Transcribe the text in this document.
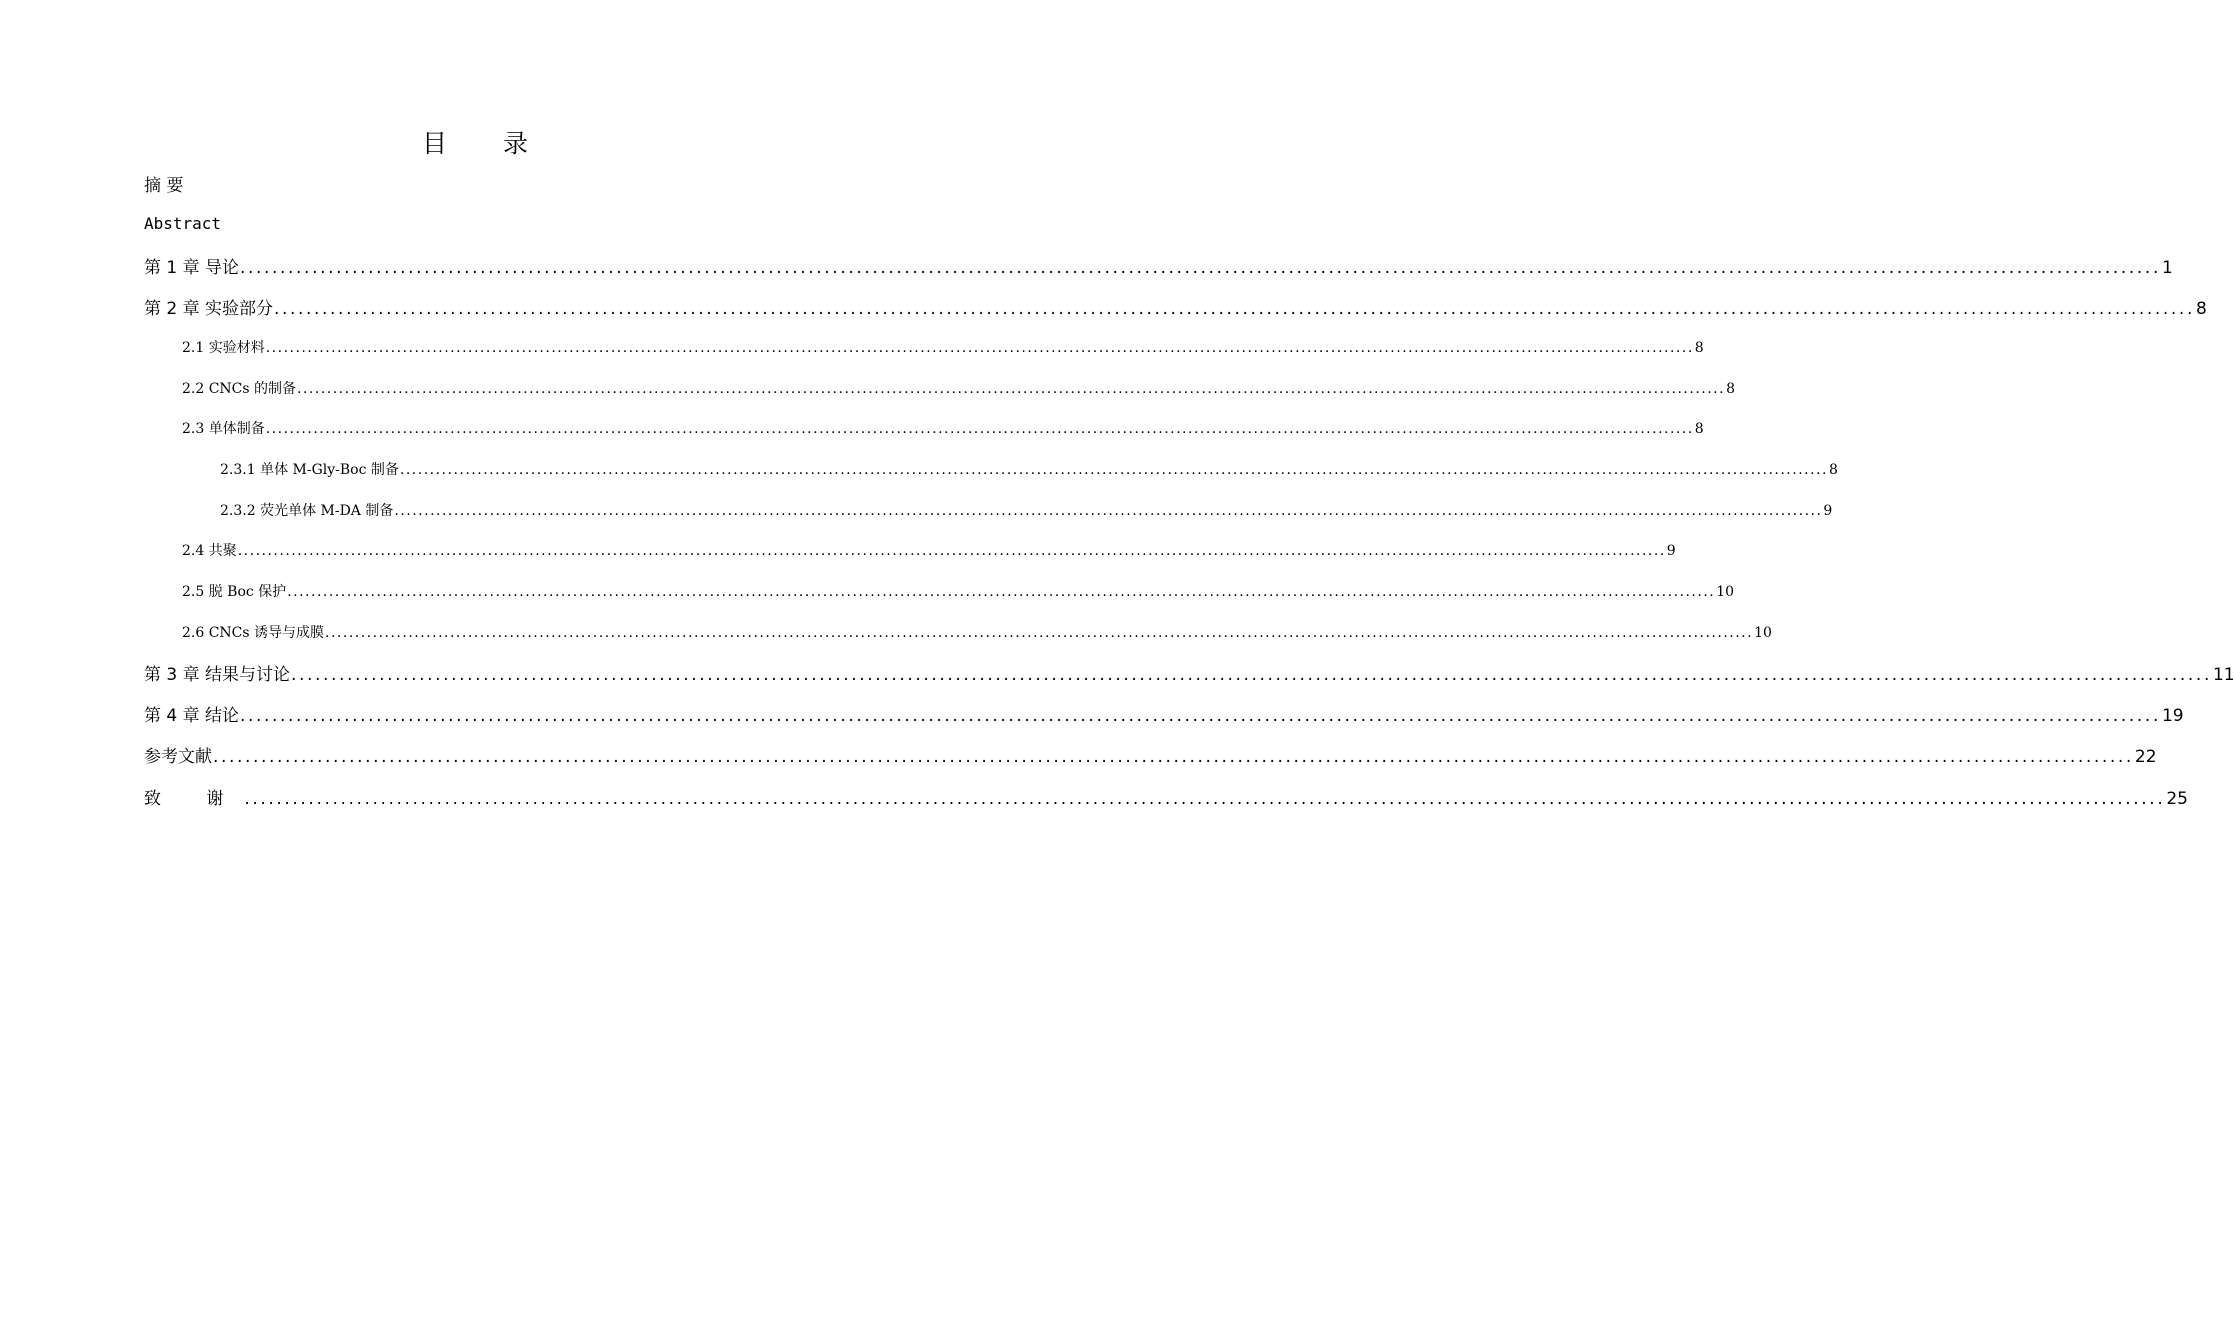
目 录
摘 要
Abstract
第 1 章 导论 ................................................................................................................................................................................................................................................ 1
第 2 章 实验部分 ................................................................................................................................................................................................................................................ 8
2.1 实验材料 ................................................................................................................................................................................................................................................ 8
2.2 CNCs 的制备 ................................................................................................................................................................................................................................................ 8
2.3 单体制备 ................................................................................................................................................................................................................................................ 8
2.3.1 单体 M-Gly-Boc 制备 ................................................................................................................................................................................................................................................ 8
2.3.2 荧光单体 M-DA 制备 ................................................................................................................................................................................................................................................ 9
2.4 共聚 ................................................................................................................................................................................................................................................ 9
2.5 脱 Boc 保护 ................................................................................................................................................................................................................................................ 10
2.6 CNCs 诱导与成膜 ................................................................................................................................................................................................................................................ 10
第 3 章 结果与讨论 ................................................................................................................................................................................................................................................ 11
第 4 章 结论 ................................................................................................................................................................................................................................................ 19
参考文献 ................................................................................................................................................................................................................................................ 22
致 谢 ................................................................................................................................................................................................................................................ 25
